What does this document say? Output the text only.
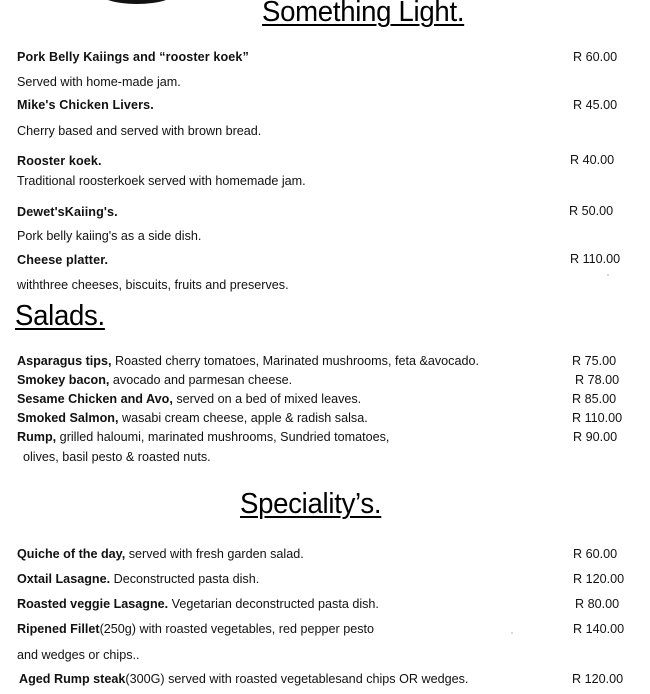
Something Light.
Pork Belly Kaiings and “rooster koek”	R 60.00
Served with home-made jam.
Mike's Chicken Livers.	R 45.00
Cherry based and served with brown bread.
Rooster koek.	R 40.00
Traditional roosterkoek served with homemade jam.
Dewet'sKaiing's.	R 50.00
Pork belly kaiing's as a side dish.
Cheese platter.	R 110.00
withthree cheeses, biscuits, fruits and preserves.
Salads.
Asparagus tips, Roasted cherry tomatoes, Marinated mushrooms, feta &avocado.	R 75.00
Smokey bacon, avocado and parmesan cheese.	R 78.00
Sesame Chicken and Avo, served on a bed of mixed leaves.	R 85.00
Smoked Salmon, wasabi cream cheese, apple & radish salsa.	R 110.00
Rump, grilled haloumi, marinated mushrooms, Sundried tomatoes,	R 90.00
olives, basil pesto & roasted nuts.
Speciality’s.
Quiche of the day, served with fresh garden salad.	R 60.00
Oxtail Lasagne. Deconstructed pasta dish.	R 120.00
Roasted veggie Lasagne. Vegetarian deconstructed pasta dish.	R 80.00
Ripened Fillet(250g) with roasted vegetables, red pepper pesto	R 140.00
and wedges or chips..
Aged Rump steak(300G) served with roasted vegetablesand chips OR wedges.	R 120.00
